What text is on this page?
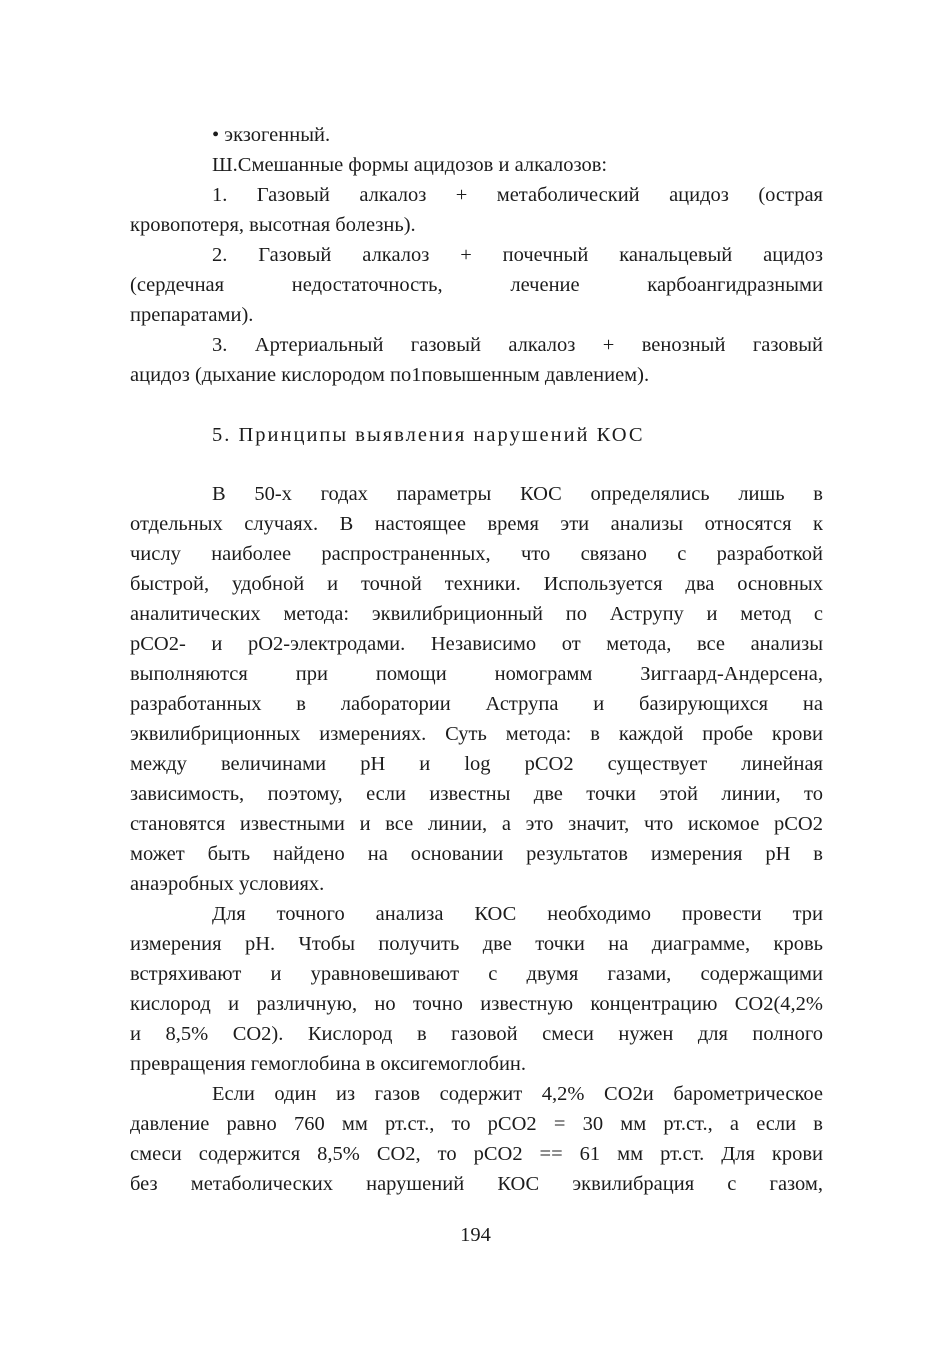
• экзогенный.

Ш.Смешанные формы ацидозов и алкалозов:

1. Газовый алкалоз + метаболический ацидоз (острая

кровопотеря, высотная болезнь).

2. Газовый алкалоз + почечный канальцевый ацидоз

(сердечная недостаточность, лечение карбоангидразными

препаратами).

3. Артериальный газовый алкалоз + венозный газовый

ацидоз (дыхание кислородом по1повышенным давлением).

5. Принципы выявления нарушений КОС

В 50-х годах параметры КОС определялись лишь в

отдельных случаях. В настоящее время эти анализы относятся к

числу наиболее распространенных, что связано с разработкой

быстрой, удобной и точной техники. Используется два основных

аналитических метода: эквилибриционный по Аструпу и метод с

рСО2- и рО2-электродами. Независимо от метода, все анализы

выполняются при помощи номограмм Зиггаард-Андерсена,

разработанных в лаборатории Аструпа и базирующихся на

эквилибриционных измерениях. Суть метода: в каждой пробе крови

между величинами рН и log рСО2 существует линейная

зависимость, поэтому, если известны две точки этой линии, то

становятся известными и все линии, а это значит, что искомое рСО2

может быть найдено на основании результатов измерения рН в

анаэробных условиях.

Для точного анализа КОС необходимо провести три

измерения рН. Чтобы получить две точки на диаграмме, кровь

встряхивают и уравновешивают с двумя газами, содержащими

кислород и различную, но точно известную концентрацию СО2(4,2%

и 8,5% СО2). Кислород в газовой смеси нужен для полного

превращения гемоглобина в оксигемоглобин.

Если один из газов содержит 4,2% СО2и барометрическое

давление равно 760 мм рт.ст., то рСО2 = 30 мм рт.ст., а если в

смеси содержится 8,5% СО2, то рСО2 == 61 мм рт.ст. Для крови

без метаболических нарушений КОС эквилибрация с газом,

194
